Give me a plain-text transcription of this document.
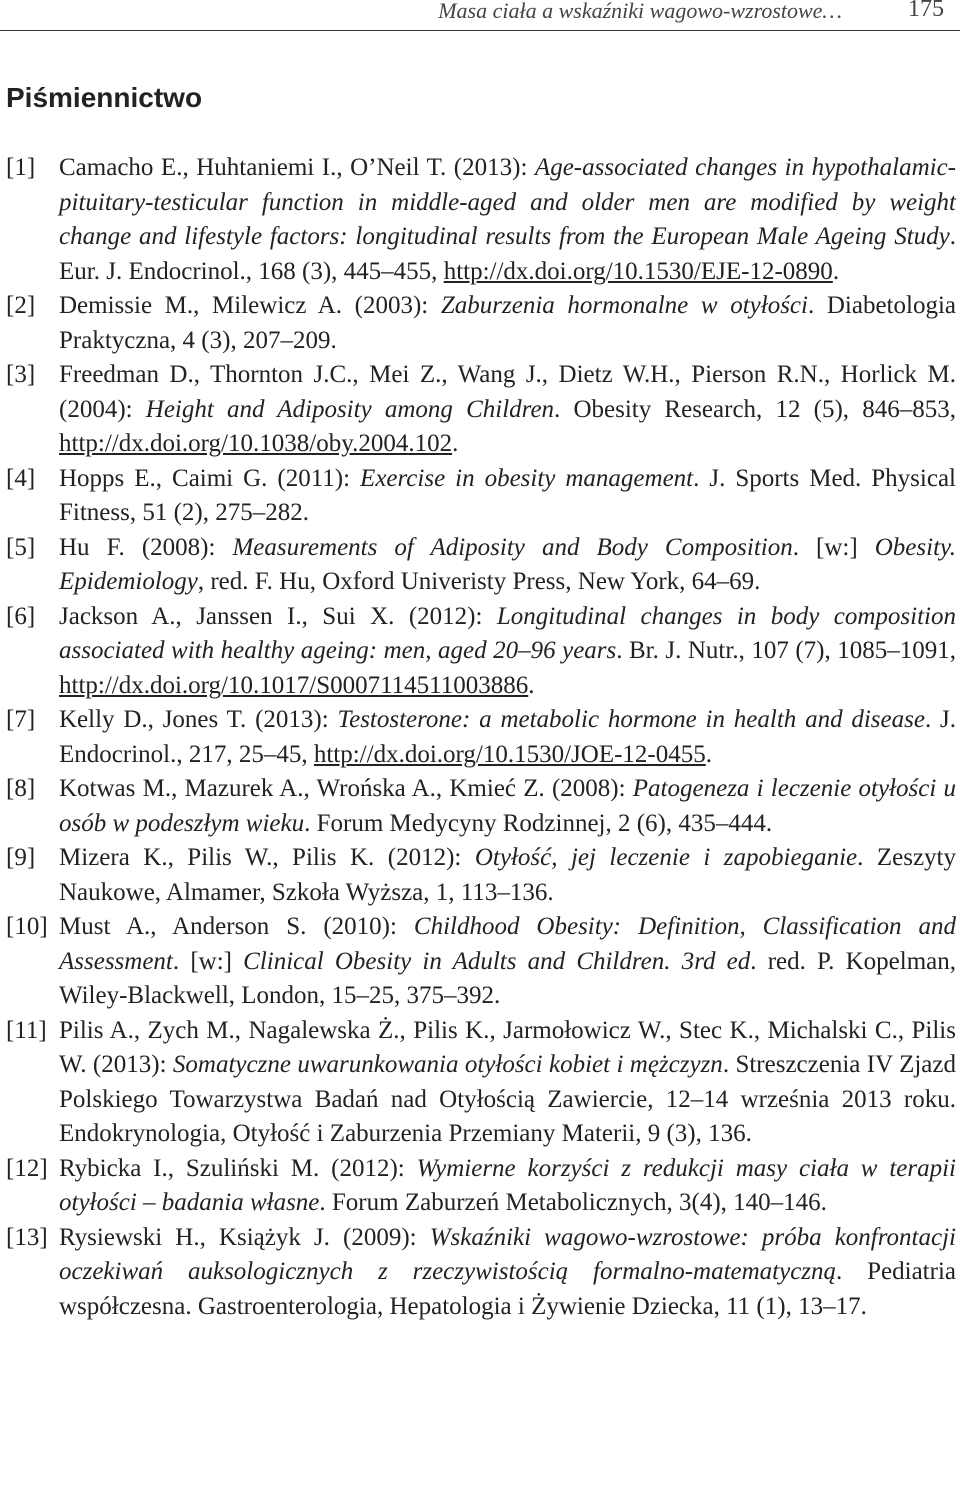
Masa ciała a wskaźniki wagowo-wzrostowe…	175
Piśmiennictwo
[1] Camacho E., Huhtaniemi I., O’Neil T. (2013): Age-associated changes in hypothalamic-pituitary-testicular function in middle-aged and older men are modified by weight change and lifestyle factors: longitudinal results from the European Male Ageing Study. Eur. J. Endocrinol., 168 (3), 445–455, http://dx.doi.org/10.1530/EJE-12-0890.
[2] Demissie M., Milewicz A. (2003): Zaburzenia hormonalne w otyłości. Diabetologia Praktyczna, 4 (3), 207–209.
[3] Freedman D., Thornton J.C., Mei Z., Wang J., Dietz W.H., Pierson R.N., Horlick M. (2004): Height and Adiposity among Children. Obesity Research, 12 (5), 846–853, http://dx.doi.org/10.1038/oby.2004.102.
[4] Hopps E., Caimi G. (2011): Exercise in obesity management. J. Sports Med. Physical Fitness, 51 (2), 275–282.
[5] Hu F. (2008): Measurements of Adiposity and Body Composition. [w:] Obesity. Epidemiology, red. F. Hu, Oxford Univeristy Press, New York, 64–69.
[6] Jackson A., Janssen I., Sui X. (2012): Longitudinal changes in body composition associated with healthy ageing: men, aged 20–96 years. Br. J. Nutr., 107 (7), 1085–1091, http://dx.doi.org/10.1017/S0007114511003886.
[7] Kelly D., Jones T. (2013): Testosterone: a metabolic hormone in health and disease. J. Endocrinol., 217, 25–45, http://dx.doi.org/10.1530/JOE-12-0455.
[8] Kotwas M., Mazurek A., Wrońska A., Kmieć Z. (2008): Patogeneza i leczenie otyłości u osób w podeszłym wieku. Forum Medycyny Rodzinnej, 2 (6), 435–444.
[9] Mizera K., Pilis W., Pilis K. (2012): Otyłość, jej leczenie i zapobieganie. Zeszyty Naukowe, Almamer, Szkoła Wyższa, 1, 113–136.
[10] Must A., Anderson S. (2010): Childhood Obesity: Definition, Classification and Assessment. [w:] Clinical Obesity in Adults and Children. 3rd ed. red. P. Kopelman, Wiley-Blackwell, London, 15–25, 375–392.
[11] Pilis A., Zych M., Nagalewska Ż., Pilis K., Jarmołowicz W., Stec K., Michalski C., Pilis W. (2013): Somatyczne uwarunkowania otyłości kobiet i mężczyzn. Streszczenia IV Zjazd Polskiego Towarzystwa Badań nad Otyłością Zawiercie, 12–14 września 2013 roku. Endokrynologia, Otyłość i Zaburzenia Przemiany Materii, 9 (3), 136.
[12] Rybicka I., Szuliński M. (2012): Wymierne korzyści z redukcji masy ciała w terapii otyłości – badania własne. Forum Zaburzeń Metabolicznych, 3(4), 140–146.
[13] Rysiewski H., Książyk J. (2009): Wskaźniki wagowo-wzrostowe: próba konfrontacji oczekiwań auksologicznych z rzeczywistością formalno-matematyczną. Pediatria współczesna. Gastroenterologia, Hepatologia i Żywienie Dziecka, 11 (1), 13–17.
